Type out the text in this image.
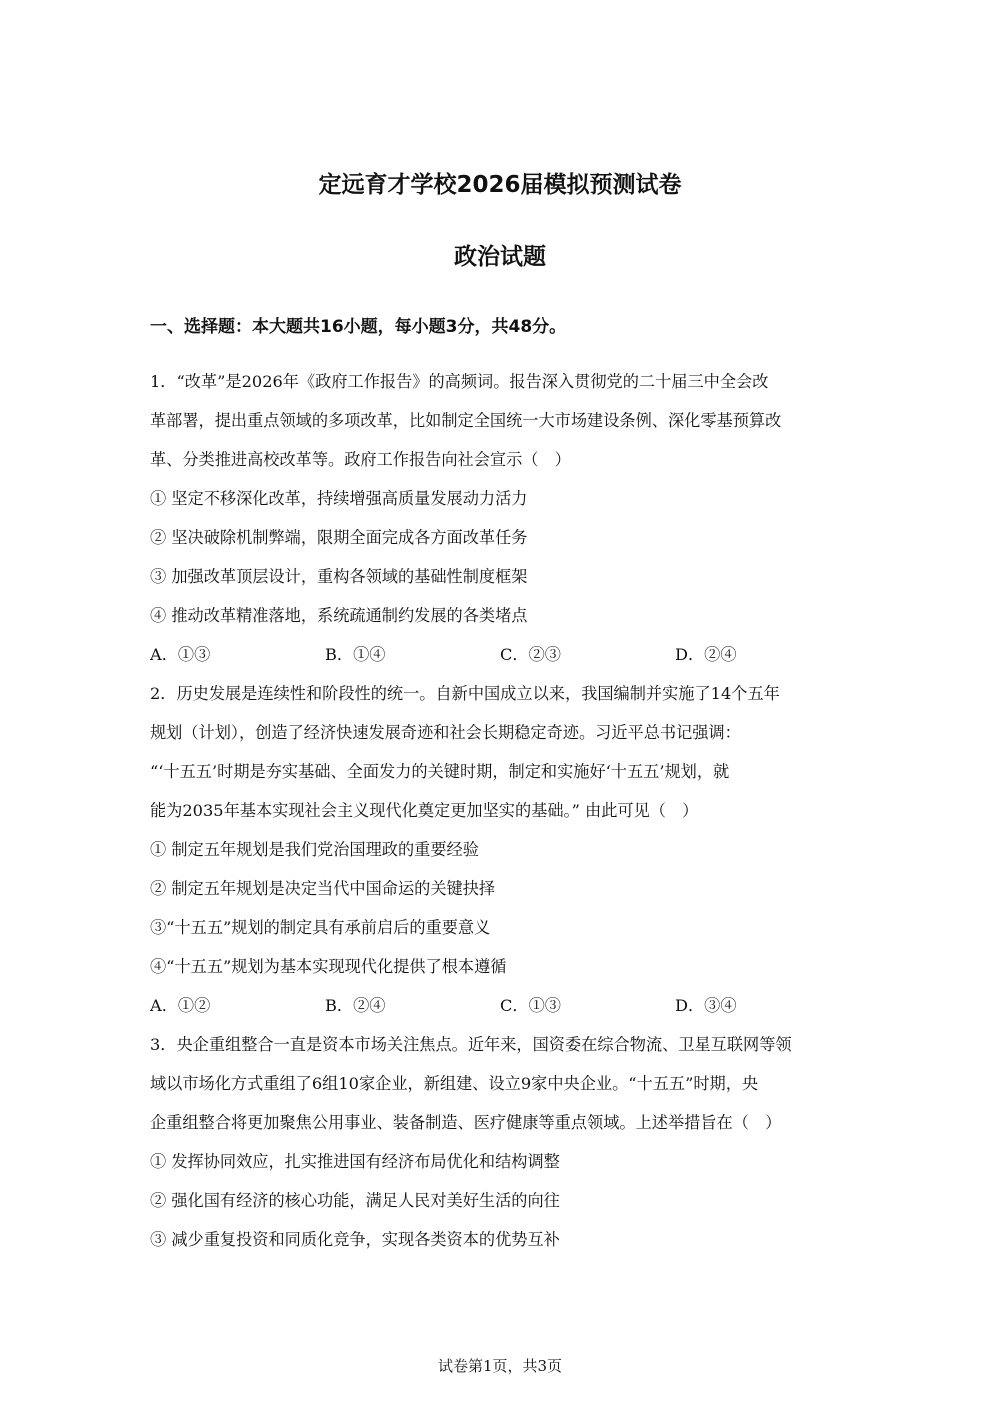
定远育才学校2026届模拟预测试卷
政治试题
一、选择题：本大题共16小题，每小题3分，共48分。
1．“改革”是2026年《政府工作报告》的高频词。报告深入贯彻党的二十届三中全会改
革部署，提出重点领域的多项改革，比如制定全国统一大市场建设条例、深化零基预算改
革、分类推进高校改革等。政府工作报告向社会宣示（　）
① 坚定不移深化改革，持续增强高质量发展动力活力
② 坚决破除机制弊端，限期全面完成各方面改革任务
③ 加强改革顶层设计，重构各领域的基础性制度框架
④ 推动改革精准落地，系统疏通制约发展的各类堵点
A．①③	B．①④	C．②③	D．②④
2．历史发展是连续性和阶段性的统一。自新中国成立以来，我国编制并实施了14个五年
规划（计划），创造了经济快速发展奇迹和社会长期稳定奇迹。习近平总书记强调：
“‘十五五’时期是夯实基础、全面发力的关键时期，制定和实施好‘十五五’规划，就
能为2035年基本实现社会主义现代化奠定更加坚实的基础。” 由此可见（　）
① 制定五年规划是我们党治国理政的重要经验
② 制定五年规划是决定当代中国命运的关键抉择
③“十五五”规划的制定具有承前启后的重要意义
④“十五五”规划为基本实现现代化提供了根本遵循
A．①②	B．②④	C．①③	D．③④
3．央企重组整合一直是资本市场关注焦点。近年来，国资委在综合物流、卫星互联网等领
域以市场化方式重组了6组10家企业，新组建、设立9家中央企业。“十五五”时期，央
企重组整合将更加聚焦公用事业、装备制造、医疗健康等重点领域。上述举措旨在（　）
① 发挥协同效应，扎实推进国有经济布局优化和结构调整
② 强化国有经济的核心功能，满足人民对美好生活的向往
③ 减少重复投资和同质化竞争，实现各类资本的优势互补
试卷第1页，共3页
